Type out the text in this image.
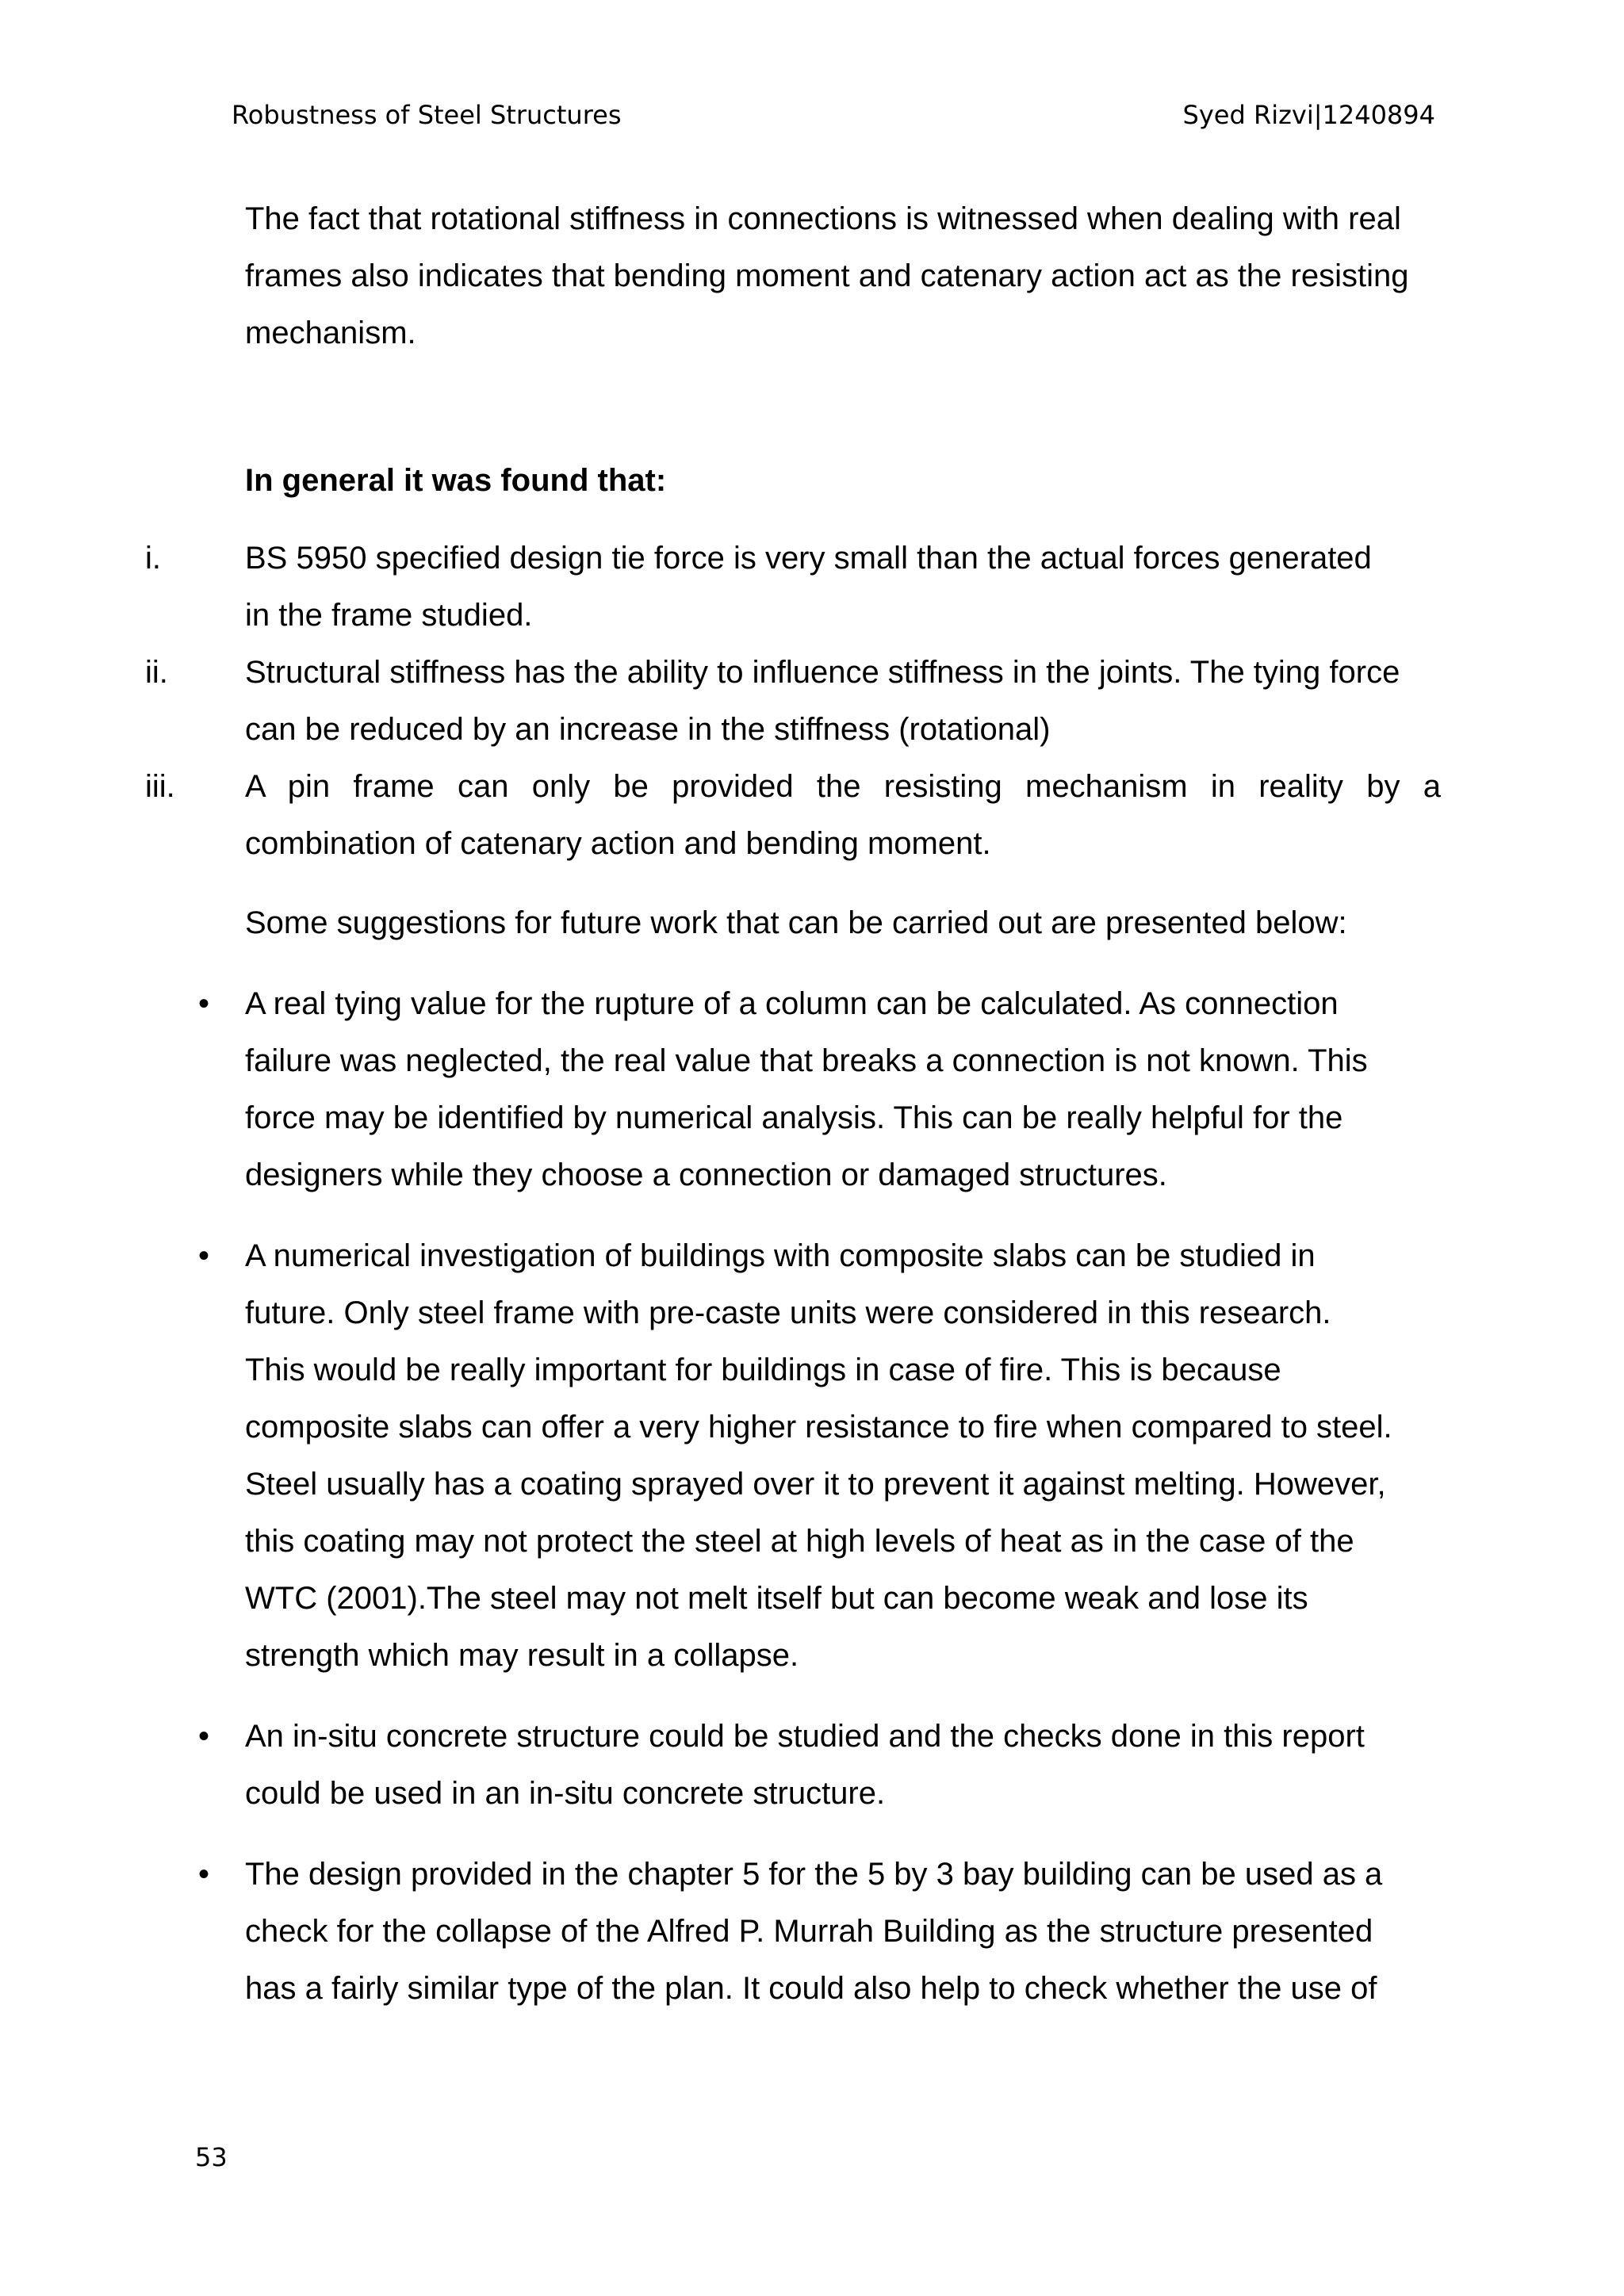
Robustness of Steel Structures	Syed Rizvi|1240894

The fact that rotational stiffness in connections is witnessed when dealing with real
frames also indicates that bending moment and catenary action act as the resisting
mechanism.

In general it was found that:

i.	BS 5950 specified design tie force is very small than the actual forces generated
in the frame studied.
ii. Structural stiffness has the ability to influence stiffness in the joints. The tying force
can be reduced by an increase in the stiffness (rotational)
iii. A pin frame can only be provided the resisting mechanism in reality by a
combination of catenary action and bending moment.

Some suggestions for future work that can be carried out are presented below:

• A real tying value for the rupture of a column can be calculated. As connection
failure was neglected, the real value that breaks a connection is not known. This
force may be identified by numerical analysis. This can be really helpful for the
designers while they choose a connection or damaged structures.
• A numerical investigation of buildings with composite slabs can be studied in
future. Only steel frame with pre-caste units were considered in this research.
This would be really important for buildings in case of fire. This is because
composite slabs can offer a very higher resistance to fire when compared to steel.
Steel usually has a coating sprayed over it to prevent it against melting. However,
this coating may not protect the steel at high levels of heat as in the case of the
WTC (2001).The steel may not melt itself but can become weak and lose its
strength which may result in a collapse.
• An in-situ concrete structure could be studied and the checks done in this report
could be used in an in-situ concrete structure.
• The design provided in the chapter 5 for the 5 by 3 bay building can be used as a
check for the collapse of the Alfred P. Murrah Building as the structure presented
has a fairly similar type of the plan. It could also help to check whether the use of
53
